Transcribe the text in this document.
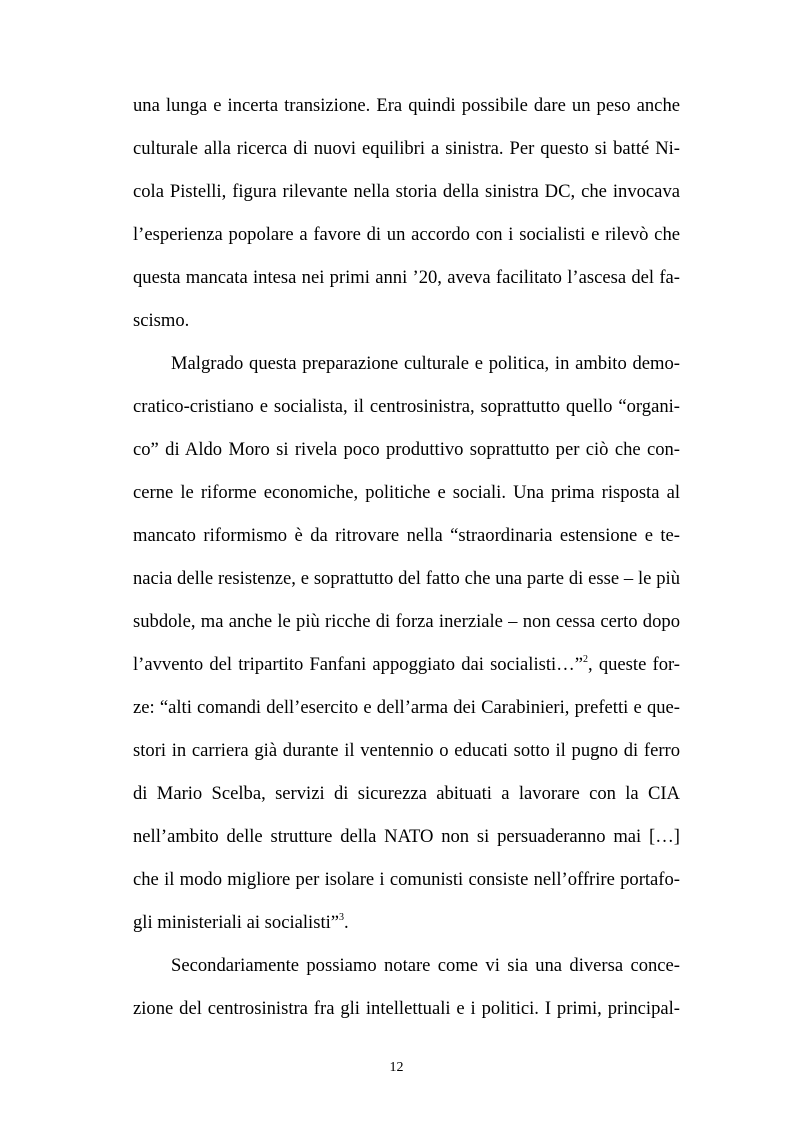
una lunga e incerta transizione. Era quindi possibile dare un peso anche
culturale alla ricerca di nuovi equilibri a sinistra. Per questo si batté Ni-
cola Pistelli, figura rilevante nella storia della sinistra DC, che invocava
l’esperienza popolare a favore di un accordo con i socialisti e rilevò che
questa mancata intesa nei primi anni ’20, aveva facilitato l’ascesa del fa-
scismo.
Malgrado questa preparazione culturale e politica, in ambito demo-
cratico-cristiano e socialista, il centrosinistra, soprattutto quello “organi-
co” di Aldo Moro si rivela poco produttivo soprattutto per ciò che con-
cerne le riforme economiche, politiche e sociali. Una prima risposta al
mancato riformismo è da ritrovare nella “straordinaria estensione e te-
nacia delle resistenze, e soprattutto del fatto che una parte di esse – le più
subdole, ma anche le più ricche di forza inerziale – non cessa certo dopo
l’avvento del tripartito Fanfani appoggiato dai socialisti…”$^2$, queste for-
ze: “alti comandi dell’esercito e dell’arma dei Carabinieri, prefetti e que-
stori in carriera già durante il ventennio o educati sotto il pugno di ferro
di Mario Scelba, servizi di sicurezza abituati a lavorare con la CIA
nell’ambito delle strutture della NATO non si persuaderanno mai […]
che il modo migliore per isolare i comunisti consiste nell’offrire portafo-
gli ministeriali ai socialisti”$^3$.
Secondariamente possiamo notare come vi sia una diversa conce-
zione del centrosinistra fra gli intellettuali e i politici. I primi, principal-
12
